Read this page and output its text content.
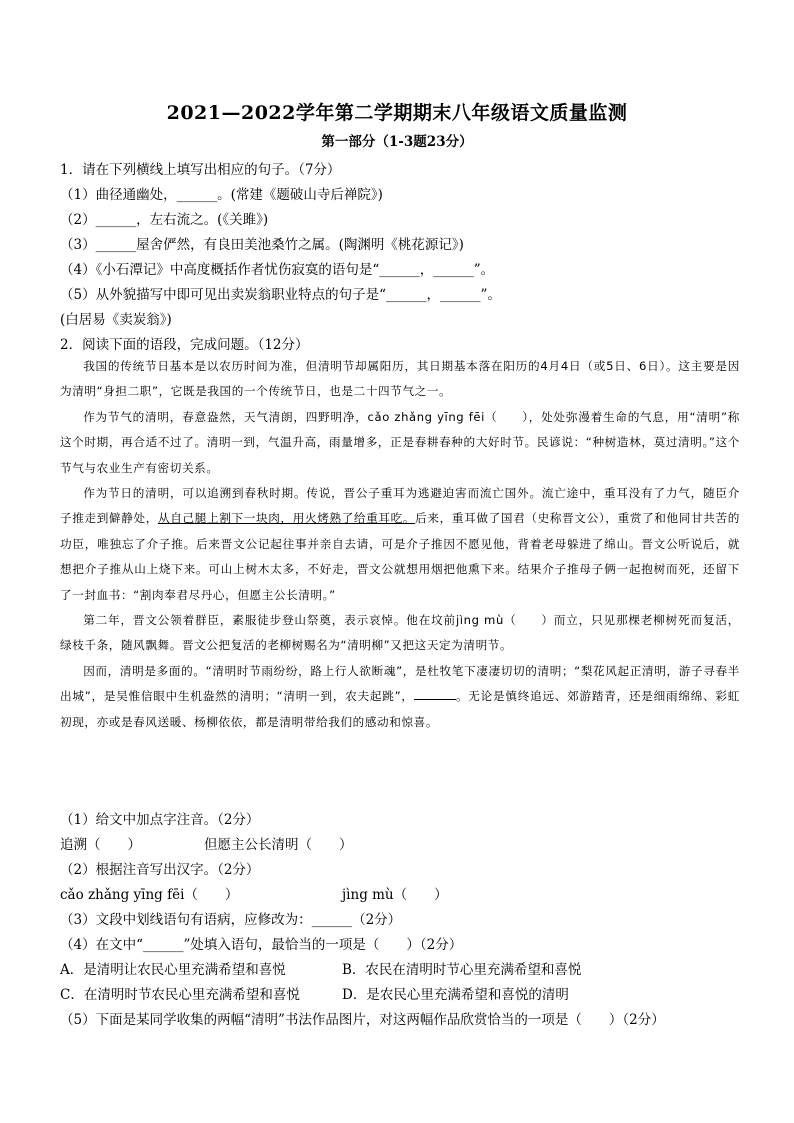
2021—2022学年第二学期期末八年级语文质量监测
第一部分（1-3题23分）
1．请在下列横线上填写出相应的句子。（7分）
（1）曲径通幽处，______。(常建《题破山寺后禅院》)
（2）______，左右流之。(《关雎》)
（3）______屋舍俨然，有良田美池桑竹之属。(陶渊明《桃花源记》)
（4）《小石潭记》中高度概括作者忧伤寂寞的语句是“______，______”。
（5）从外貌描写中即可见出卖炭翁职业特点的句子是“______，______”。
(白居易《卖炭翁》)
2．阅读下面的语段，完成问题。（12分）

我国的传统节日基本是以农历时间为准，但清明节却属阳历，其日期基本落在阳历的4月4日（或5日、6日）。这主要是因为清明“身担二职”，它既是我国的一个传统节日，也是二十四节气之一。

作为节气的清明，春意盎然，天气清朗，四野明净，cǎo zhǎng yīng fēi（　　），处处弥漫着生命的气息，用“清明”称这个时期，再合适不过了。清明一到，气温升高，雨量增多，正是春耕春种的大好时节。民谚说：“种树造林，莫过清明。”这个节气与农业生产有密切关系。

作为节日的清明，可以追溯到春秋时期。传说，晋公子重耳为逃避迫害而流亡国外。流亡途中，重耳没有了力气，随臣介子推走到僻静处，从自己腿上割下一块肉，用火烤熟了给重耳吃。后来，重耳做了国君（史称晋文公），重赏了和他同甘共苦的功臣，唯独忘了介子推。后来晋文公记起往事并亲自去请，可是介子推因不愿见他，背着老母躲进了绵山。晋文公听说后，就想把介子推从山上烧下来。可山上树木太多，不好走，晋文公就想用烟把他熏下来。结果介子推母子俩一起抱树而死，还留下了一封血书：“割肉奉君尽丹心，但愿主公长清明。”

第二年，晋文公领着群臣，素服徒步登山祭奠，表示哀悼。他在坟前jìng mù（　　）而立，只见那棵老柳树死而复活，绿枝千条，随风飘舞。晋文公把复活的老柳树赐名为“清明柳”又把这天定为清明节。

因而，清明是多面的。“清明时节雨纷纷，路上行人欲断魂”，是杜牧笔下凄凄切切的清明；“梨花风起正清明，游子寻春半出城”，是吴惟信眼中生机盎然的清明；“清明一到，农夫起跳”，	。无论是慎终追远、郊游踏青，还是细雨绵绵、彩虹初现，亦或是春风送暖、杨柳依依，都是清明带给我们的感动和惊喜。

（1）给文中加点字注音。（2分）
追溯（　　）	但愿主公长清明（　　）
（2）根据注音写出汉字。（2分）
cǎo zhǎng yīng fēi（　　）	jìng mù（　　）
（3）文段中划线语句有语病，应修改为：______（2分）
（4）在文中“______”处填入语句，最恰当的一项是（　　）（2分）
A．是清明让农民心里充满希望和喜悦	B．农民在清明时节心里充满希望和喜悦
C．在清明时节农民心里充满希望和喜悦	D．是农民心里充满希望和喜悦的清明
（5）下面是某同学收集的两幅“清明”书法作品图片，对这两幅作品欣赏恰当的一项是（　　）（2分）
